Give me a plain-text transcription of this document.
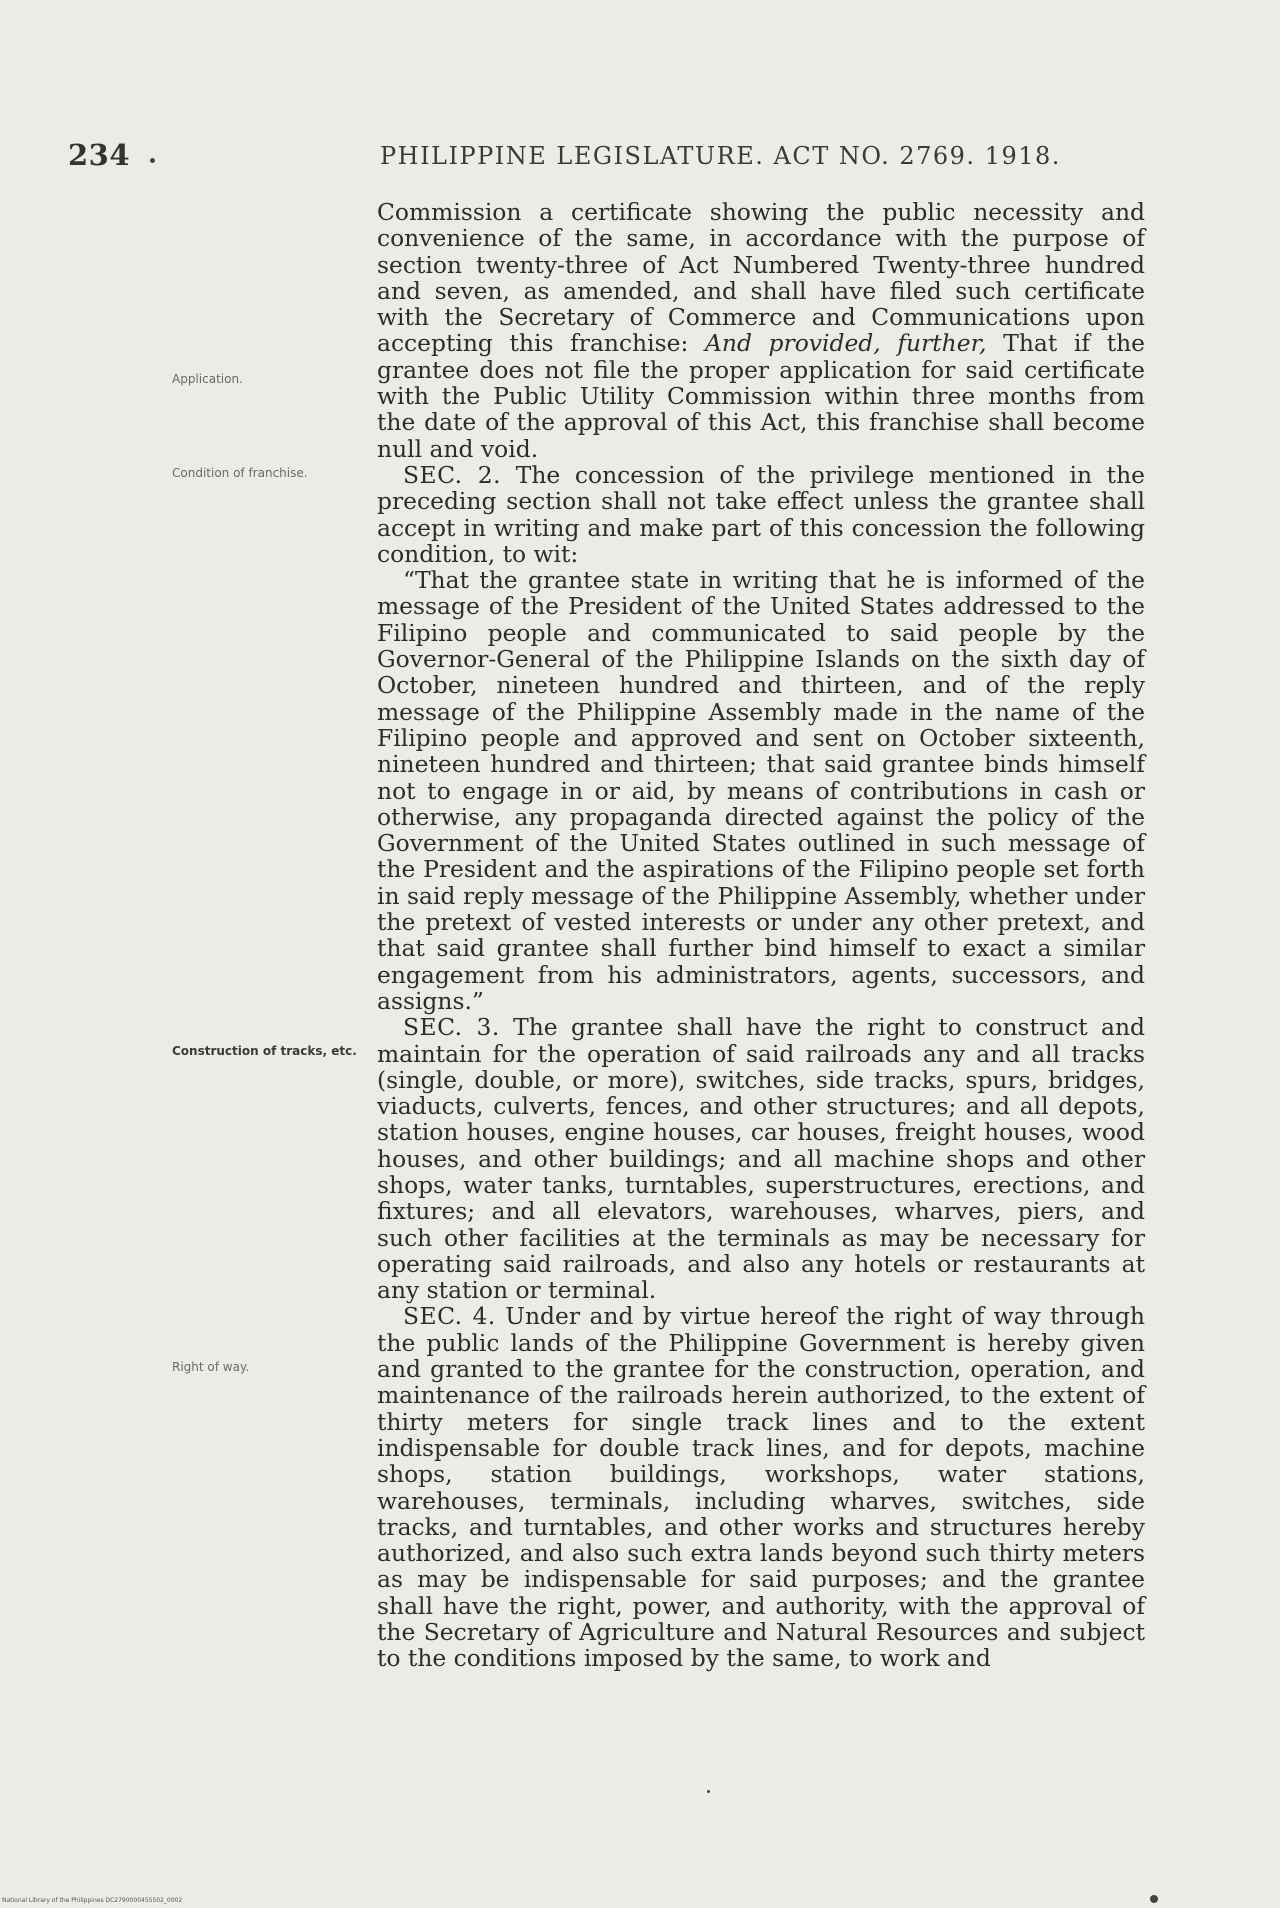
234	PHILIPPINE LEGISLATURE. ACT NO. 2769. 1918.
Application.
Condition of franchise.
Construction of tracks, etc.
Right of way.

Commission a certificate showing the public necessity and convenience of the same, in accordance with the purpose of section twenty-three of Act Numbered Twenty-three hundred and seven, as amended, and shall have filed such certificate with the Secretary of Commerce and Communications upon accepting this franchise: And provided, further, That if the grantee does not file the proper application for said certificate with the Public Utility Commission within three months from the date of the approval of this Act, this franchise shall become null and void.

SEC. 2. The concession of the privilege mentioned in the preceding section shall not take effect unless the grantee shall accept in writing and make part of this concession the following condition, to wit:

“That the grantee state in writing that he is informed of the message of the President of the United States addressed to the Filipino people and communicated to said people by the Governor-General of the Philippine Islands on the sixth day of October, nineteen hundred and thirteen, and of the reply message of the Philippine Assembly made in the name of the Filipino people and approved and sent on October sixteenth, nineteen hundred and thirteen; that said grantee binds himself not to engage in or aid, by means of contributions in cash or otherwise, any propaganda directed against the policy of the Government of the United States outlined in such message of the President and the aspirations of the Filipino people set forth in said reply message of the Philippine Assembly, whether under the pretext of vested interests or under any other pretext, and that said grantee shall further bind himself to exact a similar engagement from his administrators, agents, successors, and assigns.”

SEC. 3. The grantee shall have the right to construct and maintain for the operation of said railroads any and all tracks (single, double, or more), switches, side tracks, spurs, bridges, viaducts, culverts, fences, and other structures; and all depots, station houses, engine houses, car houses, freight houses, wood houses, and other buildings; and all machine shops and other shops, water tanks, turntables, superstructures, erections, and fixtures; and all elevators, warehouses, wharves, piers, and such other facilities at the terminals as may be necessary for operating said railroads, and also any hotels or restaurants at any station or terminal.

SEC. 4. Under and by virtue hereof the right of way through the public lands of the Philippine Government is hereby given and granted to the grantee for the construction, operation, and maintenance of the railroads herein authorized, to the extent of thirty meters for single track lines and to the extent indispensable for double track lines, and for depots, machine shops, station buildings, workshops, water stations, warehouses, terminals, including wharves, switches, side tracks, and turntables, and other works and structures hereby authorized, and also such extra lands beyond such thirty meters as may be indispensable for said purposes; and the grantee shall have the right, power, and authority, with the approval of the Secretary of Agriculture and Natural Resources and subject to the conditions imposed by the same, to work and

National Library of the Philippines DC2790000455502_0002
